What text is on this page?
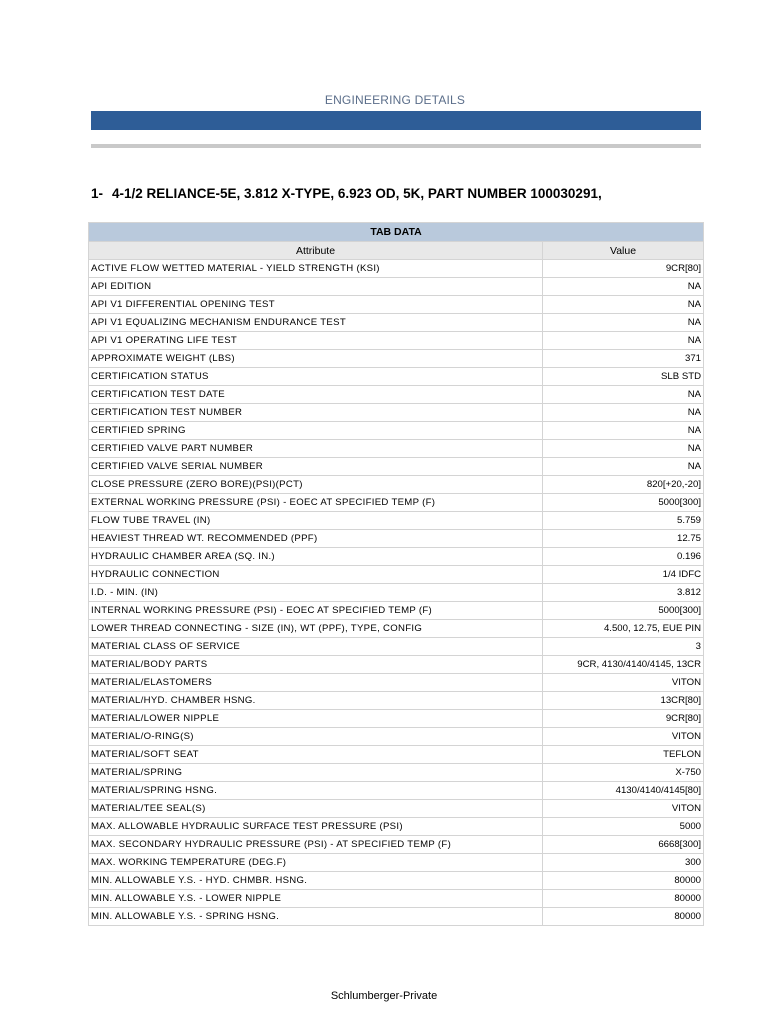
ENGINEERING DETAILS
1- 4-1/2 RELIANCE-5E, 3.812 X-TYPE, 6.923 OD, 5K, PART NUMBER 100030291,
TAB DATA	
Attribute	Value
ACTIVE FLOW WETTED MATERIAL - YIELD STRENGTH (KSI)	9CR[80]
API EDITION	NA
API V1 DIFFERENTIAL OPENING TEST	NA
API V1 EQUALIZING MECHANISM ENDURANCE TEST	NA
API V1 OPERATING LIFE TEST	NA
APPROXIMATE WEIGHT (LBS)	371
CERTIFICATION STATUS	SLB STD
CERTIFICATION TEST DATE	NA
CERTIFICATION TEST NUMBER	NA
CERTIFIED SPRING	NA
CERTIFIED VALVE PART NUMBER	NA
CERTIFIED VALVE SERIAL NUMBER	NA
CLOSE PRESSURE (ZERO BORE)(PSI)(PCT)	820[+20,-20]
EXTERNAL WORKING PRESSURE (PSI) - EOEC AT SPECIFIED TEMP (F)	5000[300]
FLOW TUBE TRAVEL (IN)	5.759
HEAVIEST THREAD WT. RECOMMENDED (PPF)	12.75
HYDRAULIC CHAMBER AREA (SQ. IN.)	0.196
HYDRAULIC CONNECTION	1/4 IDFC
I.D. - MIN. (IN)	3.812
INTERNAL WORKING PRESSURE (PSI) - EOEC AT SPECIFIED TEMP (F)	5000[300]
LOWER THREAD CONNECTING - SIZE (IN), WT (PPF), TYPE, CONFIG	4.500, 12.75, EUE PIN
MATERIAL CLASS OF SERVICE	3
MATERIAL/BODY PARTS	9CR, 4130/4140/4145, 13CR
MATERIAL/ELASTOMERS	VITON
MATERIAL/HYD. CHAMBER HSNG.	13CR[80]
MATERIAL/LOWER NIPPLE	9CR[80]
MATERIAL/O-RING(S)	VITON
MATERIAL/SOFT SEAT	TEFLON
MATERIAL/SPRING	X-750
MATERIAL/SPRING HSNG.	4130/4140/4145[80]
MATERIAL/TEE SEAL(S)	VITON
MAX. ALLOWABLE HYDRAULIC SURFACE TEST PRESSURE (PSI)	5000
MAX. SECONDARY HYDRAULIC PRESSURE (PSI) - AT SPECIFIED TEMP (F)	6668[300]
MAX. WORKING TEMPERATURE (DEG.F)	300
MIN. ALLOWABLE Y.S. - HYD. CHMBR. HSNG.	80000
MIN. ALLOWABLE Y.S. - LOWER NIPPLE	80000
MIN. ALLOWABLE Y.S. - SPRING HSNG.	80000
Schlumberger-Private
